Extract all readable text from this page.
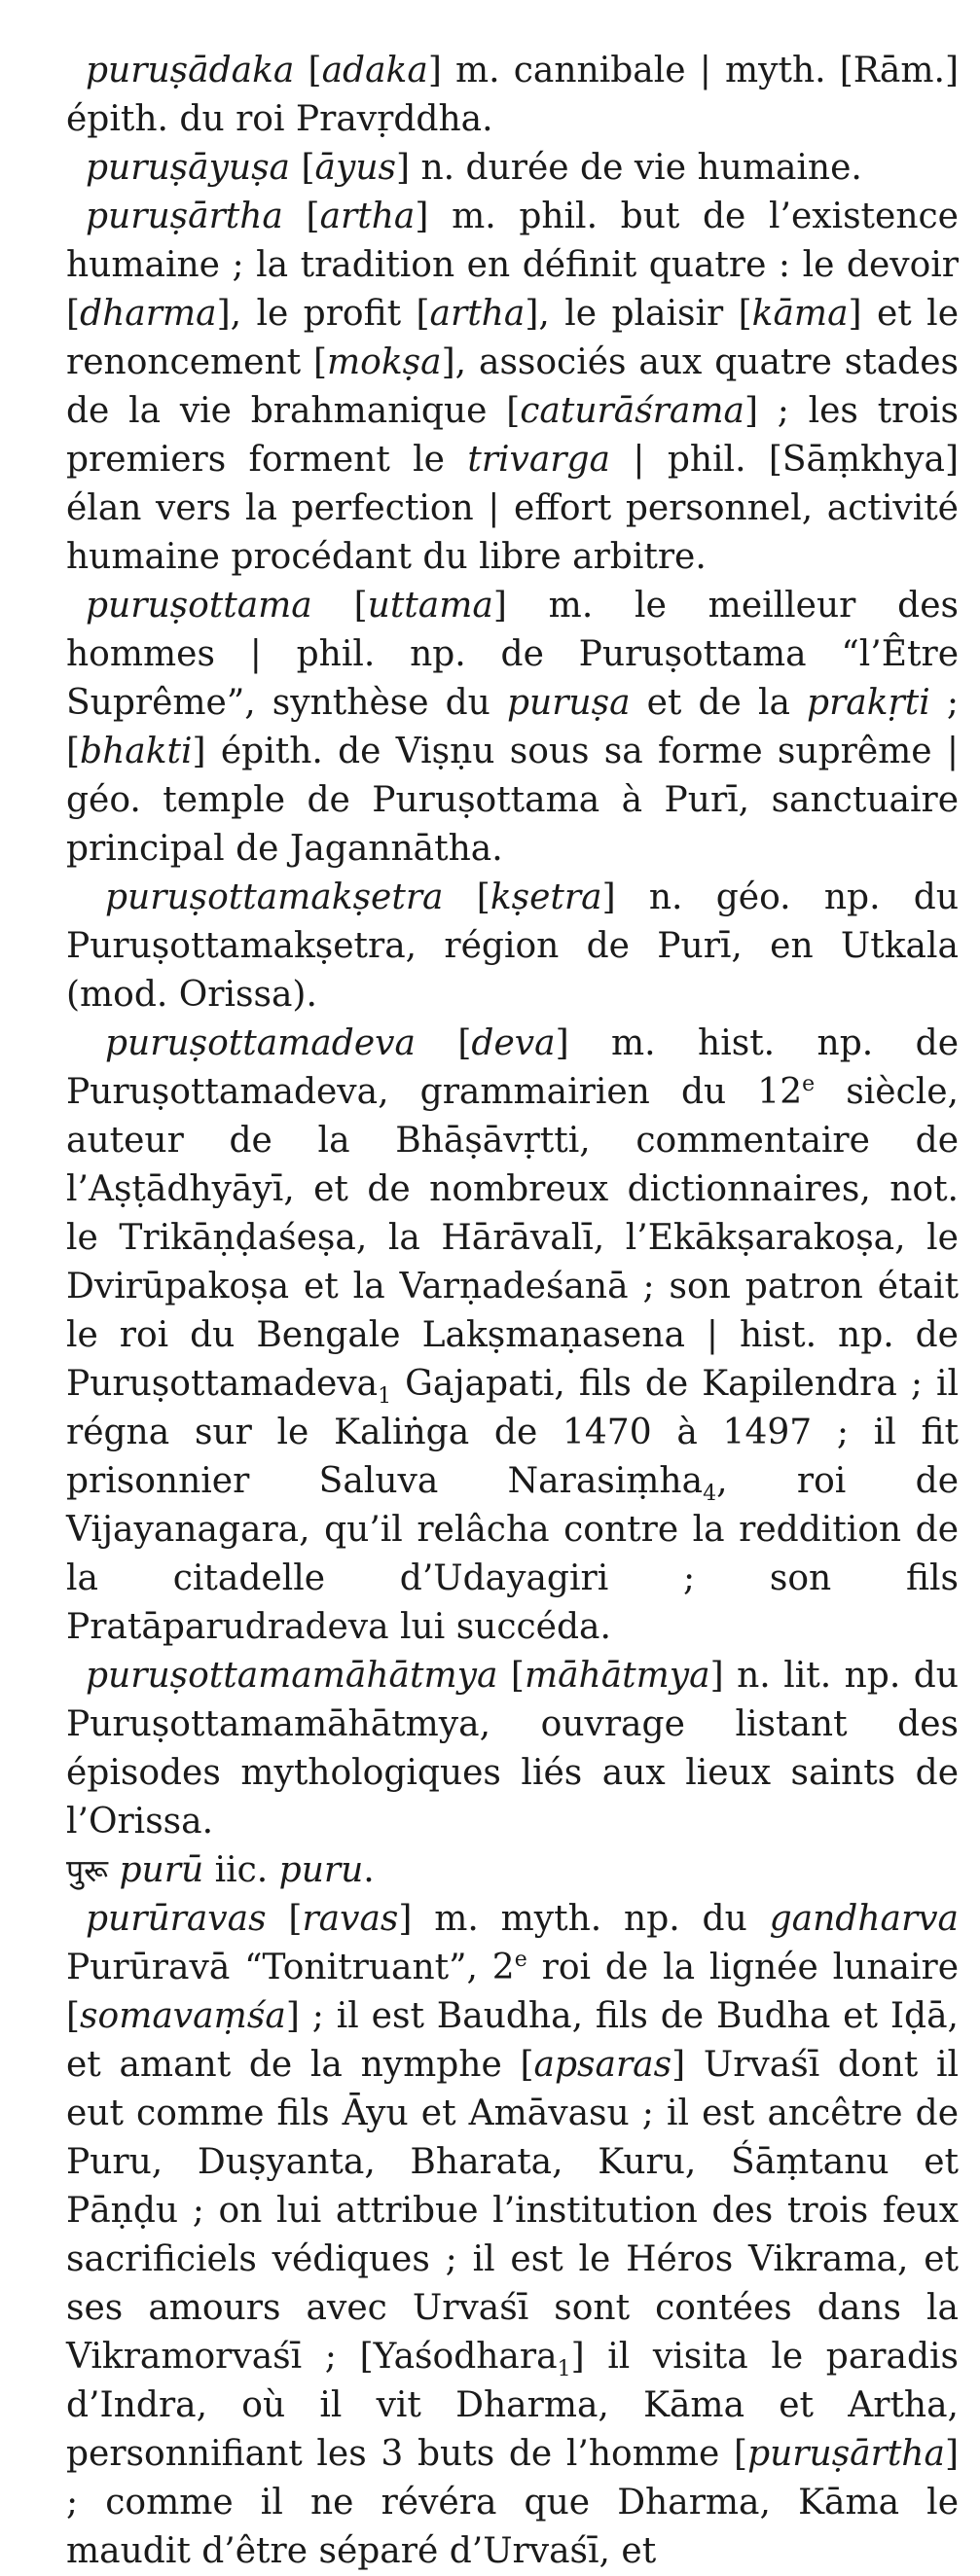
puruṣādaka [adaka] m. cannibale | myth. [Rām.] épith. du roi Pravṛddha.

puruṣāyuṣa [āyus] n. durée de vie humaine.

puruṣārtha [artha] m. phil. but de l’existence humaine ; la tradition en définit quatre : le devoir [dharma], le profit [artha], le plaisir [kāma] et le renoncement [mokṣa], associés aux quatre stades de la vie brahmanique [caturāśrama] ; les trois premiers forment le trivarga | phil. [Sāṃkhya] élan vers la perfection | effort personnel, activité humaine procédant du libre arbitre.

puruṣottama [uttama] m. le meilleur des hommes | phil. np. de Puruṣottama “l’Être Suprême”, synthèse du puruṣa et de la prakṛti ; [bhakti] épith. de Viṣṇu sous sa forme suprême | géo. temple de Puruṣottama à Purī, sanctuaire principal de Jagannātha.

puruṣottamakṣetra [kṣetra] n. géo. np. du Puruṣottamakṣetra, région de Purī, en Utkala (mod. Orissa).

puruṣottamadeva [deva] m. hist. np. de Puruṣottamadeva, grammairien du 12e siècle, auteur de la Bhāṣāvṛtti, commentaire de l’Aṣṭādhyāyī, et de nombreux dictionnaires, not. le Trikāṇḍaśeṣa, la Hārāvalī, l’Ekākṣarakoṣa, le Dvirūpakoṣa et la Varṇadeśanā ; son patron était le roi du Bengale Lakṣmaṇasena | hist. np. de Puruṣottamadeva$_1$ Gajapati, fils de Kapilendra ; il régna sur le Kaliṅga de 1470 à 1497 ; il fit prisonnier Saluva Narasiṃha$_4$, roi de Vijayanagara, qu’il relâcha contre la reddition de la citadelle d’Udayagiri ; son fils Pratāparudradeva lui succéda.

puruṣottamamāhātmya [māhātmya] n. lit. np. du Puruṣottamamāhātmya, ouvrage listant des épisodes mythologiques liés aux lieux saints de l’Orissa.

पुरू purū iic. puru.

purūravas [ravas] m. myth. np. du gandharva Purūravā “Tonitruant”, 2e roi de la lignée lunaire [somavaṃśa] ; il est Baudha, fils de Budha et Iḍā, et amant de la nymphe [apsaras] Urvaśī dont il eut comme fils Āyu et Amāvasu ; il est ancêtre de Puru, Duṣyanta, Bharata, Kuru, Śāṃtanu et Pāṇḍu ; on lui attribue l’institution des trois feux sacrificiels védiques ; il est le Héros Vikrama, et ses amours avec Urvaśī sont contées dans la Vikramorvaśī ; [Yaśodhara$_1$] il visita le paradis d’Indra, où il vit Dharma, Kāma et Artha, personnifiant les 3 buts de l’homme [puruṣārtha] ; comme il ne révéra que Dharma, Kāma le maudit d’être séparé d’Urvaśī, et
